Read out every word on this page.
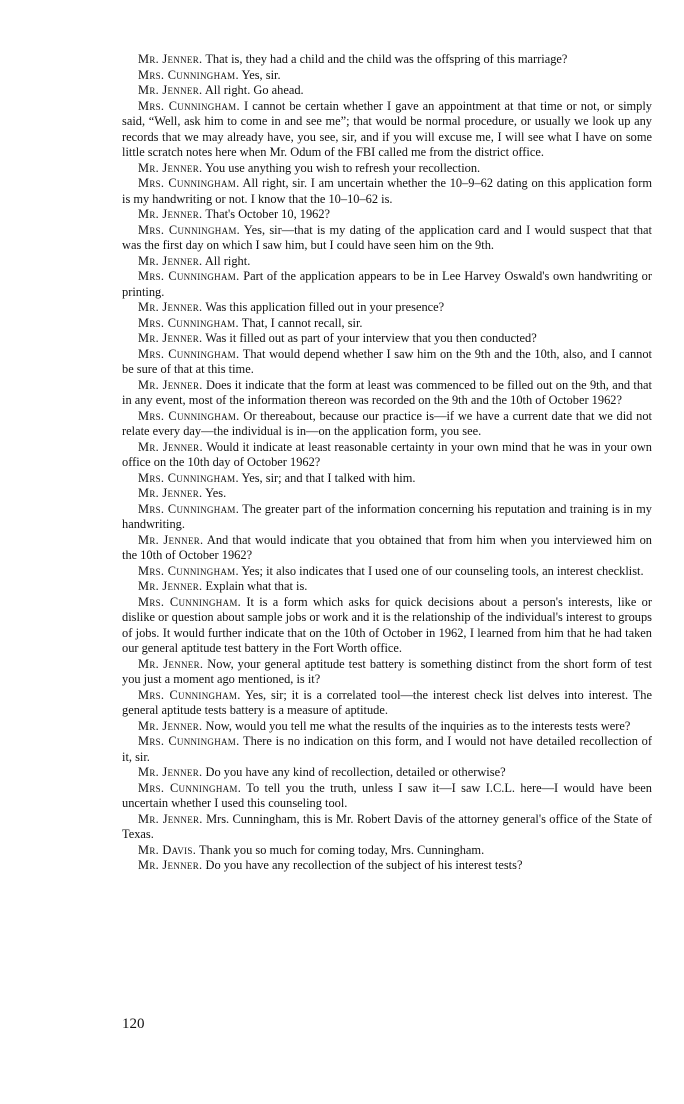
Mr. Jenner. That is, they had a child and the child was the offspring of this marriage?

Mrs. Cunningham. Yes, sir.

Mr. Jenner. All right. Go ahead.

Mrs. Cunningham. I cannot be certain whether I gave an appointment at that time or not, or simply said, “Well, ask him to come in and see me”; that would be normal procedure, or usually we look up any records that we may already have, you see, sir, and if you will excuse me, I will see what I have on some little scratch notes here when Mr. Odum of the FBI called me from the district office.

Mr. Jenner. You use anything you wish to refresh your recollection.

Mrs. Cunningham. All right, sir. I am uncertain whether the 10–9–62 dating on this application form is my handwriting or not. I know that the 10–10–62 is.

Mr. Jenner. That's October 10, 1962?

Mrs. Cunningham. Yes, sir—that is my dating of the application card and I would suspect that that was the first day on which I saw him, but I could have seen him on the 9th.

Mr. Jenner. All right.

Mrs. Cunningham. Part of the application appears to be in Lee Harvey Oswald's own handwriting or printing.

Mr. Jenner. Was this application filled out in your presence?

Mrs. Cunningham. That, I cannot recall, sir.

Mr. Jenner. Was it filled out as part of your interview that you then conducted?

Mrs. Cunningham. That would depend whether I saw him on the 9th and the 10th, also, and I cannot be sure of that at this time.

Mr. Jenner. Does it indicate that the form at least was commenced to be filled out on the 9th, and that in any event, most of the information thereon was recorded on the 9th and the 10th of October 1962?

Mrs. Cunningham. Or thereabout, because our practice is—if we have a current date that we did not relate every day—the individual is in—on the application form, you see.

Mr. Jenner. Would it indicate at least reasonable certainty in your own mind that he was in your own office on the 10th day of October 1962?

Mrs. Cunningham. Yes, sir; and that I talked with him.

Mr. Jenner. Yes.

Mrs. Cunningham. The greater part of the information concerning his reputation and training is in my handwriting.

Mr. Jenner. And that would indicate that you obtained that from him when you interviewed him on the 10th of October 1962?

Mrs. Cunningham. Yes; it also indicates that I used one of our counseling tools, an interest checklist.

Mr. Jenner. Explain what that is.

Mrs. Cunningham. It is a form which asks for quick decisions about a person's interests, like or dislike or question about sample jobs or work and it is the relationship of the individual's interest to groups of jobs. It would further indicate that on the 10th of October in 1962, I learned from him that he had taken our general aptitude test battery in the Fort Worth office.

Mr. Jenner. Now, your general aptitude test battery is something distinct from the short form of test you just a moment ago mentioned, is it?

Mrs. Cunningham. Yes, sir; it is a correlated tool—the interest check list delves into interest. The general aptitude tests battery is a measure of aptitude.

Mr. Jenner. Now, would you tell me what the results of the inquiries as to the interests tests were?

Mrs. Cunningham. There is no indication on this form, and I would not have detailed recollection of it, sir.

Mr. Jenner. Do you have any kind of recollection, detailed or otherwise?

Mrs. Cunningham. To tell you the truth, unless I saw it—I saw I.C.L. here—I would have been uncertain whether I used this counseling tool.

Mr. Jenner. Mrs. Cunningham, this is Mr. Robert Davis of the attorney general's office of the State of Texas.

Mr. Davis. Thank you so much for coming today, Mrs. Cunningham.

Mr. Jenner. Do you have any recollection of the subject of his interest tests?

120
